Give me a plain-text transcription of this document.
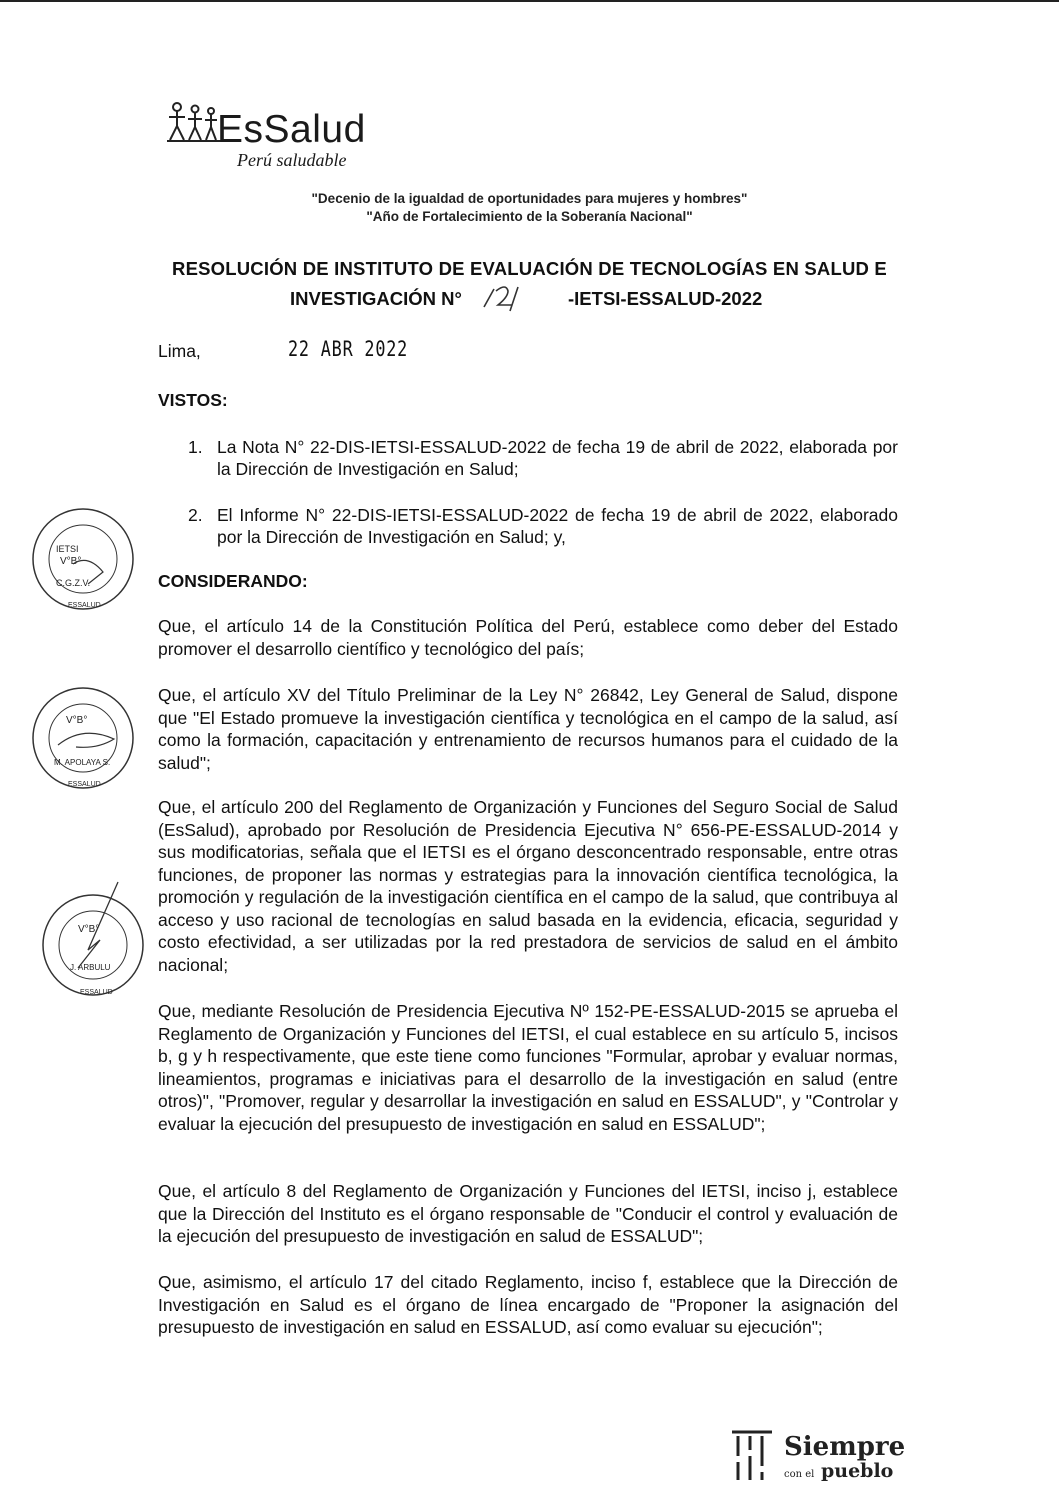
EsSalud
Perú saludable
"Decenio de la igualdad de oportunidades para mujeres y hombres"
"Año de Fortalecimiento de la Soberanía Nacional"
RESOLUCIÓN DE INSTITUTO DE EVALUACIÓN DE TECNOLOGÍAS EN SALUD E
INVESTIGACIÓN N°	-IETSI-ESSALUD-2022
Lima,	22 ABR 2022
VISTOS:
1. La Nota N° 22-DIS-IETSI-ESSALUD-2022 de fecha 19 de abril de 2022, elaborada por la Dirección de Investigación en Salud;
2. El Informe N° 22-DIS-IETSI-ESSALUD-2022 de fecha 19 de abril de 2022, elaborado por la Dirección de Investigación en Salud; y,
CONSIDERANDO:
Que, el artículo 14 de la Constitución Política del Perú, establece como deber del Estado promover el desarrollo científico y tecnológico del país;
Que, el artículo XV del Título Preliminar de la Ley N° 26842, Ley General de Salud, dispone que "El Estado promueve la investigación científica y tecnológica en el campo de la salud, así como la formación, capacitación y entrenamiento de recursos humanos para el cuidado de la salud";
Que, el artículo 200 del Reglamento de Organización y Funciones del Seguro Social de Salud (EsSalud), aprobado por Resolución de Presidencia Ejecutiva N° 656-PE-ESSALUD-2014 y sus modificatorias, señala que el IETSI es el órgano desconcentrado responsable, entre otras funciones, de proponer las normas y estrategias para la innovación científica tecnológica, la promoción y regulación de la investigación científica en el campo de la salud, que contribuya al acceso y uso racional de tecnologías en salud basada en la evidencia, eficacia, seguridad y costo efectividad, a ser utilizadas por la red prestadora de servicios de salud en el ámbito nacional;
Que, mediante Resolución de Presidencia Ejecutiva Nº 152-PE-ESSALUD-2015 se aprueba el Reglamento de Organización y Funciones del IETSI, el cual establece en su artículo 5, incisos b, g y h respectivamente, que este tiene como funciones "Formular, aprobar y evaluar normas, lineamientos, programas e iniciativas para el desarrollo de la investigación en salud (entre otros)", "Promover, regular y desarrollar la investigación en salud en ESSALUD", y "Controlar y evaluar la ejecución del presupuesto de investigación en salud en ESSALUD";
Que, el artículo 8 del Reglamento de Organización y Funciones del IETSI, inciso j, establece que la Dirección del Instituto es el órgano responsable de "Conducir el control y evaluación de la ejecución del presupuesto de investigación en salud de ESSALUD";
Que, asimismo, el artículo 17 del citado Reglamento, inciso f, establece que la Dirección de Investigación en Salud es el órgano de línea encargado de "Proponer la asignación del presupuesto de investigación en salud en ESSALUD, así como evaluar su ejecución";
IETSI
V°B°
C.G.Z.V.
ESSALUD
V°B°
M. APOLAYA S.
ESSALUD
V°B°
J. ARBULU
ESSALUD
Siempre
con el pueblo
